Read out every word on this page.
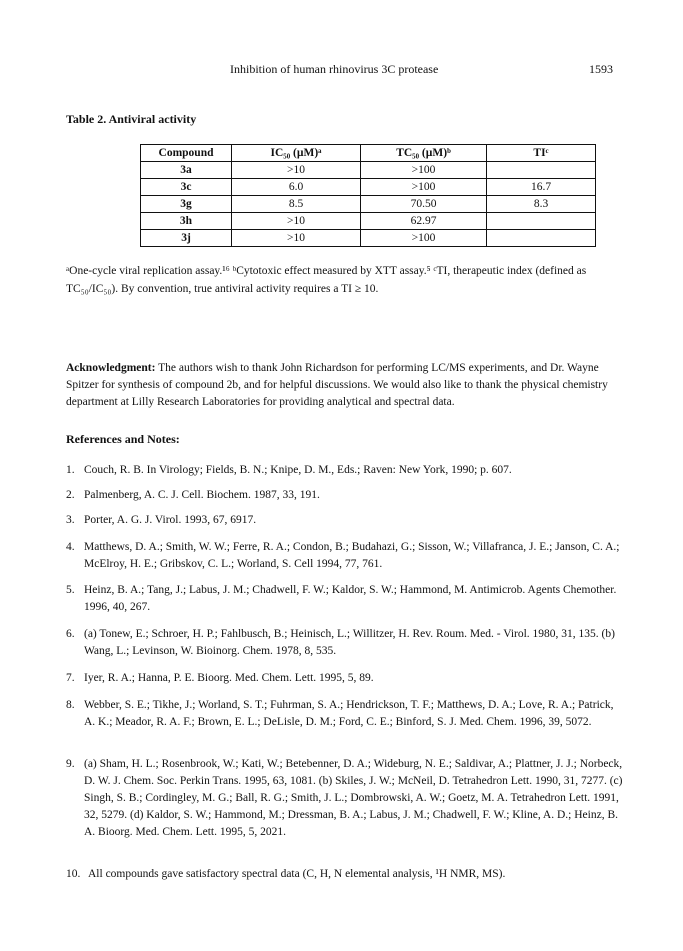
Inhibition of human rhinovirus 3C protease	1593
Table 2. Antiviral activity
Compound	IC₅₀ (µM)ᵃ	TC₅₀ (µM)ᵇ	TIᶜ
3a	>10	>100	
3c	6.0	>100	16.7
3g	8.5	70.50	8.3
3h	>10	62.97	
3j	>10	>100	
ᵃOne-cycle viral replication assay.¹⁶ ᵇCytotoxic effect measured by XTT assay.⁵ ᶜTI, therapeutic index (defined as TC₅₀/IC₅₀). By convention, true antiviral activity requires a TI ≥ 10.
Acknowledgment: The authors wish to thank John Richardson for performing LC/MS experiments, and Dr. Wayne Spitzer for synthesis of compound 2b, and for helpful discussions. We would also like to thank the physical chemistry department at Lilly Research Laboratories for providing analytical and spectral data.
References and Notes:
1. Couch, R. B. In Virology; Fields, B. N.; Knipe, D. M., Eds.; Raven: New York, 1990; p. 607.
2. Palmenberg, A. C. J. Cell. Biochem. 1987, 33, 191.
3. Porter, A. G. J. Virol. 1993, 67, 6917.
4. Matthews, D. A.; Smith, W. W.; Ferre, R. A.; Condon, B.; Budahazi, G.; Sisson, W.; Villafranca, J. E.; Janson, C. A.; McElroy, H. E.; Gribskov, C. L.; Worland, S. Cell 1994, 77, 761.
5. Heinz, B. A.; Tang, J.; Labus, J. M.; Chadwell, F. W.; Kaldor, S. W.; Hammond, M. Antimicrob. Agents Chemother. 1996, 40, 267.
6. (a) Tonew, E.; Schroer, H. P.; Fahlbusch, B.; Heinisch, L.; Willitzer, H. Rev. Roum. Med. - Virol. 1980, 31, 135. (b) Wang, L.; Levinson, W. Bioinorg. Chem. 1978, 8, 535.
7. Iyer, R. A.; Hanna, P. E. Bioorg. Med. Chem. Lett. 1995, 5, 89.
8. Webber, S. E.; Tikhe, J.; Worland, S. T.; Fuhrman, S. A.; Hendrickson, T. F.; Matthews, D. A.; Love, R. A.; Patrick, A. K.; Meador, R. A. F.; Brown, E. L.; DeLisle, D. M.; Ford, C. E.; Binford, S. J. Med. Chem. 1996, 39, 5072.
9. (a) Sham, H. L.; Rosenbrook, W.; Kati, W.; Betebenner, D. A.; Wideburg, N. E.; Saldivar, A.; Plattner, J. J.; Norbeck, D. W. J. Chem. Soc. Perkin Trans. 1995, 63, 1081. (b) Skiles, J. W.; McNeil, D. Tetrahedron Lett. 1990, 31, 7277. (c) Singh, S. B.; Cordingley, M. G.; Ball, R. G.; Smith, J. L.; Dombrowski, A. W.; Goetz, M. A. Tetrahedron Lett. 1991, 32, 5279. (d) Kaldor, S. W.; Hammond, M.; Dressman, B. A.; Labus, J. M.; Chadwell, F. W.; Kline, A. D.; Heinz, B. A. Bioorg. Med. Chem. Lett. 1995, 5, 2021.
10. All compounds gave satisfactory spectral data (C, H, N elemental analysis, ¹H NMR, MS).
